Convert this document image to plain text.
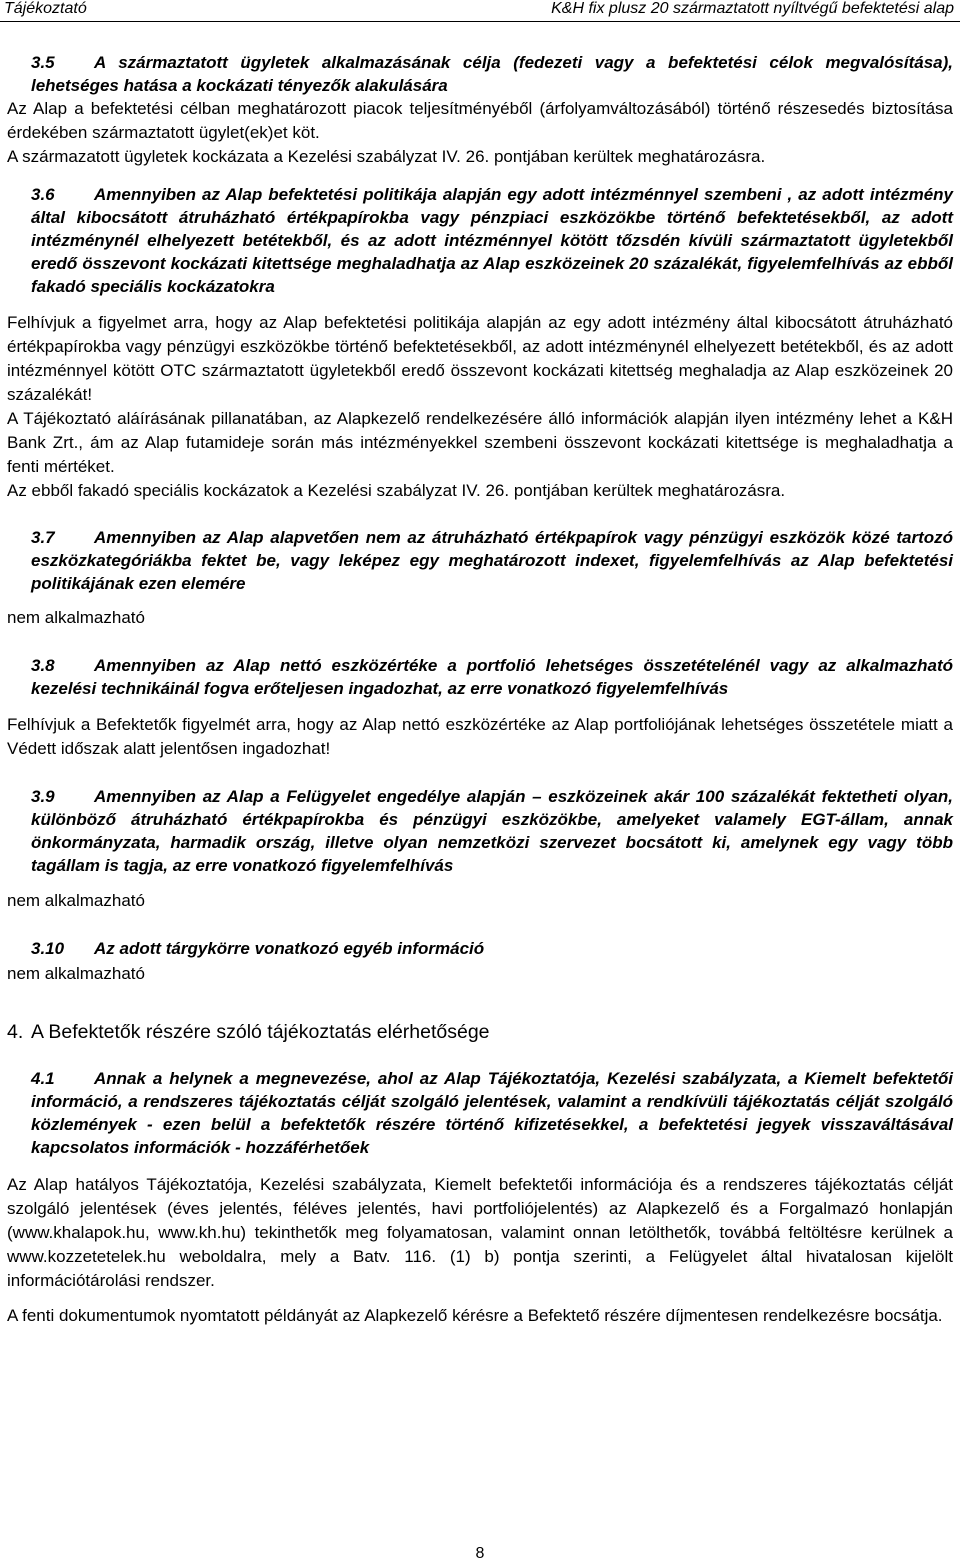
Tájékoztató	K&H fix plusz 20 származtatott nyíltvégű befektetési alap
3.5 A származtatott ügyletek alkalmazásának célja (fedezeti vagy a befektetési célok megvalósítása), lehetséges hatása a kockázati tényezők alakulására

Az Alap a befektetési célban meghatározott piacok teljesítményéből (árfolyamváltozásából) történő részesedés biztosítása érdekében származtatott ügylet(ek)et köt.

A származatott ügyletek kockázata a Kezelési szabályzat IV. 26. pontjában kerültek meghatározásra.

3.6 Amennyiben az Alap befektetési politikája alapján egy adott intézménnyel szembeni , az adott intézmény által kibocsátott átruházható értékpapírokba vagy pénzpiaci eszközökbe történő befektetésekből, az adott intézménynél elhelyezett betétekből, és az adott intézménnyel kötött tőzsdén kívüli származtatott ügyletekből eredő összevont kockázati kitettsége meghaladhatja az Alap eszközeinek 20 százalékát, figyelemfelhívás az ebből fakadó speciális kockázatokra

Felhívjuk a figyelmet arra, hogy az Alap befektetési politikája alapján az egy adott intézmény által kibocsátott átruházható értékpapírokba vagy pénzügyi eszközökbe történő befektetésekből, az adott intézménynél elhelyezett betétekből, és az adott intézménnyel kötött OTC származtatott ügyletekből eredő összevont kockázati kitettség meghaladja az Alap eszközeinek 20 százalékát!

A Tájékoztató aláírásának pillanatában, az Alapkezelő rendelkezésére álló információk alapján ilyen intézmény lehet a K&H Bank Zrt., ám az Alap futamideje során más intézményekkel szembeni összevont kockázati kitettsége is meghaladhatja a fenti mértéket.

Az ebből fakadó speciális kockázatok a Kezelési szabályzat IV. 26. pontjában kerültek meghatározásra.

3.7 Amennyiben az Alap alapvetően nem az átruházható értékpapírok vagy pénzügyi eszközök közé tartozó eszközkategóriákba fektet be, vagy leképez egy meghatározott indexet, figyelemfelhívás az Alap befektetési politikájának ezen elemére

nem alkalmazható

3.8 Amennyiben az Alap nettó eszközértéke a portfolió lehetséges összetételénél vagy az alkalmazható kezelési technikáinál fogva erőteljesen ingadozhat, az erre vonatkozó figyelemfelhívás

Felhívjuk a Befektetők figyelmét arra, hogy az Alap nettó eszközértéke az Alap portfoliójának lehetséges összetétele miatt a Védett időszak alatt jelentősen ingadozhat!

3.9 Amennyiben az Alap a Felügyelet engedélye alapján – eszközeinek akár 100 százalékát fektetheti olyan, különböző átruházható értékpapírokba és pénzügyi eszközökbe, amelyeket valamely EGT-állam, annak önkormányzata, harmadik ország, illetve olyan nemzetközi szervezet bocsátott ki, amelynek egy vagy több tagállam is tagja, az erre vonatkozó figyelemfelhívás

nem alkalmazható

3.10 Az adott tárgykörre vonatkozó egyéb információ

nem alkalmazható

4. A Befektetők részére szóló tájékoztatás elérhetősége
4.1 Annak a helynek a megnevezése, ahol az Alap Tájékoztatója, Kezelési szabályzata, a Kiemelt befektetői információ, a rendszeres tájékoztatás célját szolgáló jelentések, valamint a rendkívüli tájékoztatás célját szolgáló közlemények - ezen belül a befektetők részére történő kifizetésekkel, a befektetési jegyek visszaváltásával kapcsolatos információk - hozzáférhetőek

Az Alap hatályos Tájékoztatója, Kezelési szabályzata, Kiemelt befektetői információja és a rendszeres tájékoztatás célját szolgáló jelentések (éves jelentés, féléves jelentés, havi portfoliójelentés) az Alapkezelő és a Forgalmazó honlapján (www.khalapok.hu, www.kh.hu) tekinthetők meg folyamatosan, valamint onnan letölthetők, továbbá feltöltésre kerülnek a www.kozzetetelek.hu weboldalra, mely a Batv. 116. (1) b) pontja szerinti, a Felügyelet által hivatalosan kijelölt információtárolási rendszer.

A fenti dokumentumok nyomtatott példányát az Alapkezelő kérésre a Befektető részére díjmentesen rendelkezésre bocsátja.

8
